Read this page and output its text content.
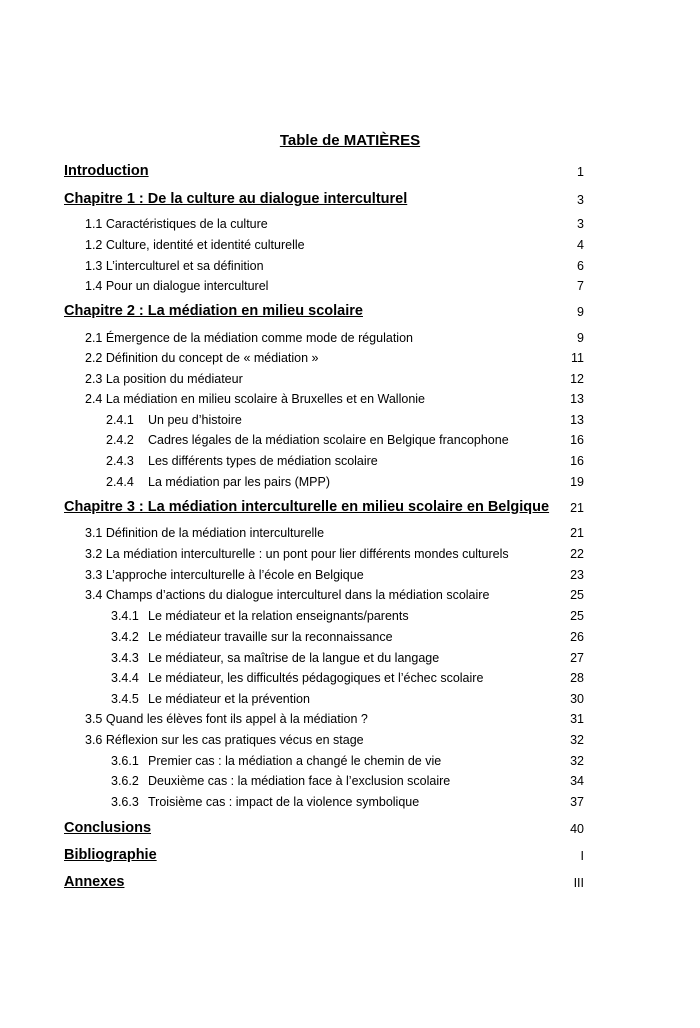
Table de MATIÈRES
Introduction	1
Chapitre 1 : De la culture au dialogue interculturel	3
1.1 Caractéristiques de la culture	3
1.2 Culture, identité et identité culturelle	4
1.3 L’interculturel et sa définition	6
1.4 Pour un dialogue interculturel	7
Chapitre 2 : La médiation en milieu scolaire	9
2.1 Émergence de la médiation comme mode de régulation	9
2.2 Définition du concept de « médiation »	11
2.3 La position du médiateur	12
2.4 La médiation en milieu scolaire à Bruxelles et en Wallonie	13
2.4.1 Un peu d’histoire	13
2.4.2 Cadres légales de la médiation scolaire en Belgique francophone	16
2.4.3 Les différents types de médiation scolaire	16
2.4.4 La médiation par les pairs (MPP)	19
Chapitre 3 : La médiation interculturelle en milieu scolaire en Belgique 21
3.1 Définition de la médiation interculturelle	21
3.2 La médiation interculturelle : un pont pour lier différents mondes culturels	22
3.3 L’approche interculturelle à l’école en Belgique	23
3.4 Champs d’actions du dialogue interculturel dans la médiation scolaire	25
3.4.1 Le médiateur et la relation enseignants/parents	25
3.4.2 Le médiateur travaille sur la reconnaissance	26
3.4.3 Le médiateur, sa maîtrise de la langue et du langage	27
3.4.4 Le médiateur, les difficultés pédagogiques et l’échec scolaire	28
3.4.5 Le médiateur et la prévention	30
3.5 Quand les élèves font ils appel à la médiation ?	31
3.6 Réflexion sur les cas pratiques vécus en stage	32
3.6.1 Premier cas : la médiation a changé le chemin de vie	32
3.6.2 Deuxième cas : la médiation face à l’exclusion scolaire	34
3.6.3 Troisième cas : impact de la violence symbolique	37
Conclusions	40
Bibliographie	I
Annexes	III
